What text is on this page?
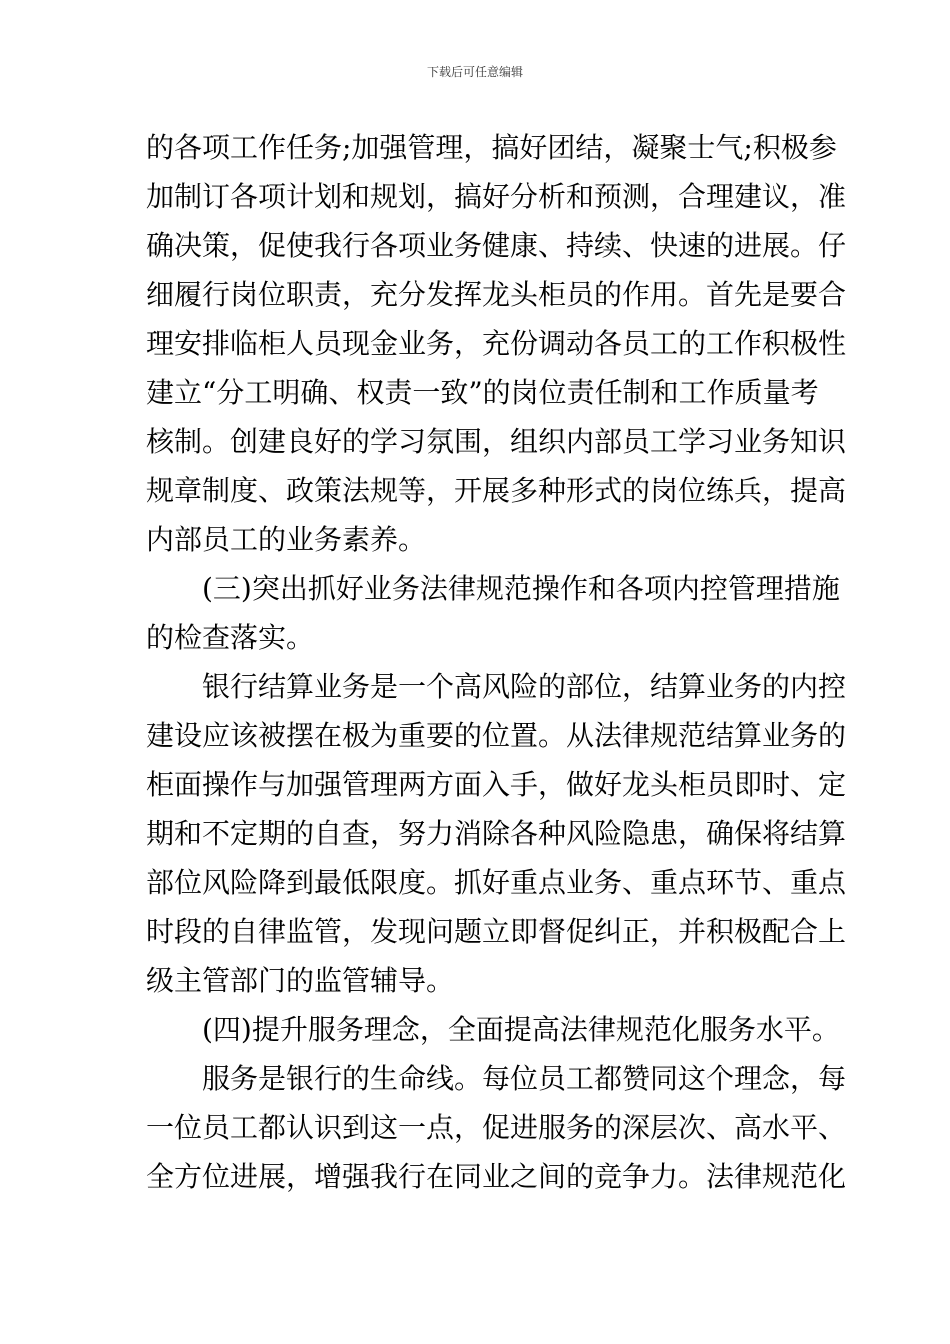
下载后可任意编辑
的各项工作任务;加强管理，搞好团结，凝聚士气;积极参
加制订各项计划和规划，搞好分析和预测，合理建议，准
确决策，促使我行各项业务健康、持续、快速的进展。仔
细履行岗位职责，充分发挥龙头柜员的作用。首先是要合
理安排临柜人员现金业务，充份调动各员工的工作积极性
建立“分工明确、权责一致”的岗位责任制和工作质量考
核制。创建良好的学习氛围，组织内部员工学习业务知识
规章制度、政策法规等，开展多种形式的岗位练兵，提高
内部员工的业务素养。
(三)突出抓好业务法律规范操作和各项内控管理措施
的检查落实。
银行结算业务是一个高风险的部位，结算业务的内控
建设应该被摆在极为重要的位置。从法律规范结算业务的
柜面操作与加强管理两方面入手，做好龙头柜员即时、定
期和不定期的自查，努力消除各种风险隐患，确保将结算
部位风险降到最低限度。抓好重点业务、重点环节、重点
时段的自律监管，发现问题立即督促纠正，并积极配合上
级主管部门的监管辅导。
(四)提升服务理念，全面提高法律规范化服务水平。
服务是银行的生命线。每位员工都赞同这个理念，每
一位员工都认识到这一点，促进服务的深层次、高水平、
全方位进展，增强我行在同业之间的竞争力。法律规范化
